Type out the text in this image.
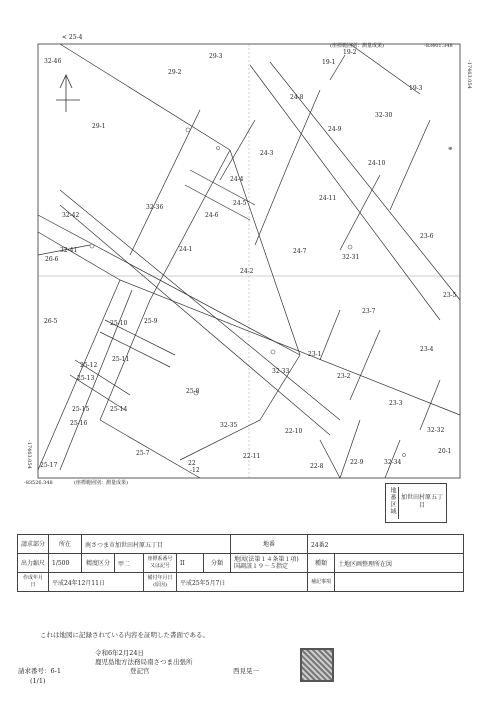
< 25-4
(座標範囲別：測量成果)	-83401.348
-17463.054
-17463.054
-83526.348	(座標範囲別：測量成果)
⊕
29-3
29-2
32-46
29-1
19-2
19-1
19-3
24-8
24-9
32-30
24-3
24-10
24-4
24-5
24-11
32-36
24-6
32-42
23-6
24-1	24-7
32-41
26-6	32-31
24-2
23-5
25-9
23-7
26-5	25-10
23-1
23-4
25-11
32-33
23-2
25-12
25-13
25-8
23-3
25-15	25-14
32-35
22-10	32-32
25-16
20-1
25-7	22-11
32-34
25-17	22
-12
22-8
22-9
地番区域 加世田村原五丁目
請求部分	所在	南さつま市加世田村原五丁目					地番	24番2	
出力縮尺	1/500	精度区分	甲二	座標系番号又は記号	II	分類	地図(法第１４条第１項)国調該１９－５指定	種類	土地区画整理所在図
作成年月日	平成24年12月11日			備付年月日(原因)	平成25年5月7日			補記事項	
これは地図に記録されている内容を証明した書面である。
令和6年2月24日
鹿児島地方法務局南さつま出張所
登記官	西見晃一
請求番号：6-1
(1/1)
